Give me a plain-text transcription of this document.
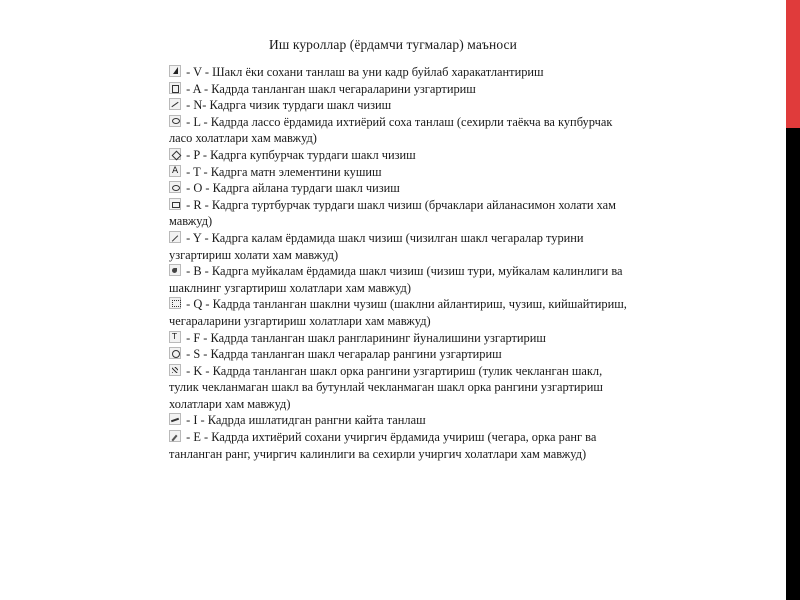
Иш куроллар (ёрдамчи тугмалар) маъноси
- V - Шакл ёки сохани танлаш ва уни кадр буйлаб харакатлантириш
- A - Кадрда танланган шакл чегараларини узгартириш
- N- Кадрга чизик турдаги шакл чизиш
- L - Кадрда лассо ёрдамида ихтиёрий соха танлаш (сехирли таёкча ва купбурчак ласо холатлари хам мавжуд)
- P - Кадрга купбурчак турдаги шакл чизиш
A - T - Кадрга матн элементини кушиш
- O - Кадрга айлана турдаги шакл чизиш
- R - Кадрга туртбурчак турдаги шакл чизиш (брчаклари айланасимон холати хам мавжуд)
- Y - Кадрга калам ёрдамида шакл чизиш (чизилган шакл чегаралар турини узгартириш холати хам мавжуд)
- B - Кадрга муйкалам ёрдамида шакл чизиш (чизиш тури, муйкалам калинлиги ва шаклнинг узгартириш холатлари хам мавжуд)
- Q - Кадрда танланган шаклни чузиш (шаклни айлантириш, чузиш, кийшайтириш, чегараларини узгартириш холатлари хам мавжуд)
T - F - Кадрда танланган шакл рангларининг йуналишини узгартириш
- S - Кадрда танланган шакл чегаралар рангини узгартириш
- K - Кадрда танланган шакл орка рангини узгартириш (тулик чекланган шакл, тулик чекланмаган шакл ва бутунлай чекланмаган шакл орка рангини узгартириш холатлари хам мавжуд)
- I - Кадрда ишлатидган рангни кайта танлаш
- E - Кадрда ихтиёрий сохани учиргич ёрдамида учириш (чегара, орка ранг ва танланган ранг, учиргич калинлиги ва сехирли учиргич холатлари хам мавжуд)
